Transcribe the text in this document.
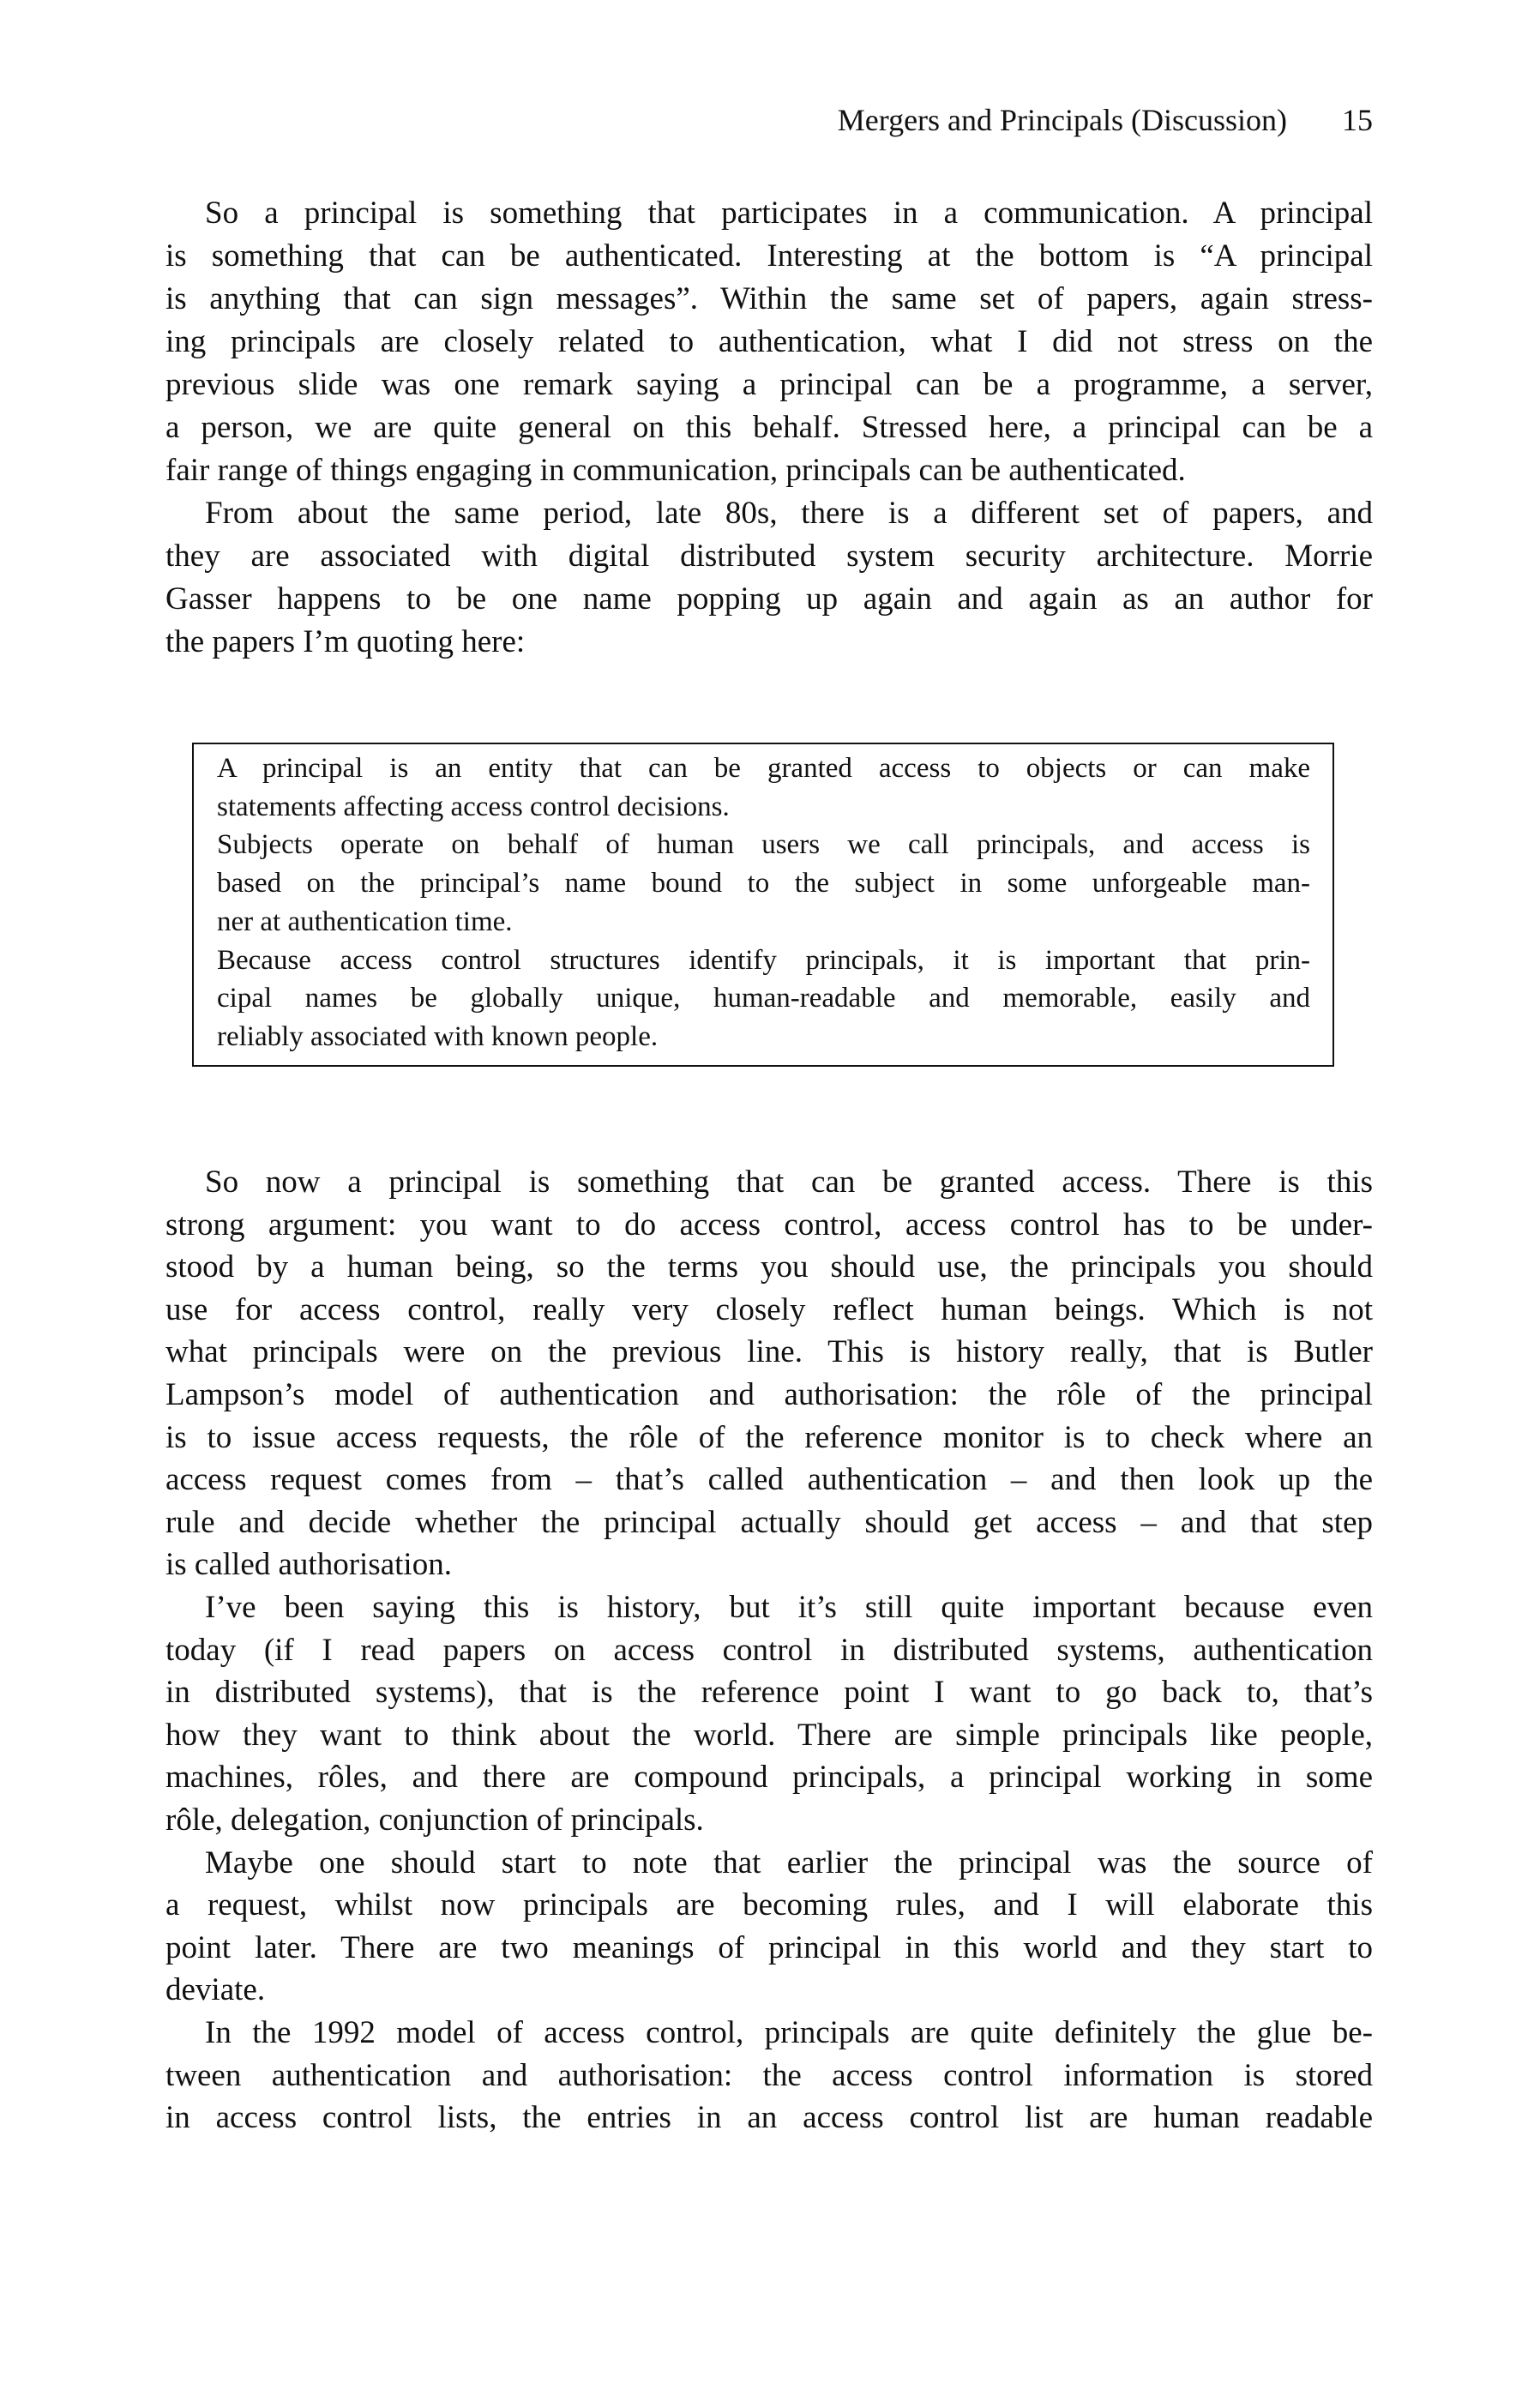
Mergers and Principals (Discussion) 15
So a principal is something that participates in a communication. A principal
is something that can be authenticated. Interesting at the bottom is “A principal
is anything that can sign messages”. Within the same set of papers, again stress-
ing principals are closely related to authentication, what I did not stress on the
previous slide was one remark saying a principal can be a programme, a server,
a person, we are quite general on this behalf. Stressed here, a principal can be a
fair range of things engaging in communication, principals can be authenticated.
From about the same period, late 80s, there is a different set of papers, and
they are associated with digital distributed system security architecture. Morrie
Gasser happens to be one name popping up again and again as an author for
the papers I’m quoting here:
A principal is an entity that can be granted access to objects or can make
statements affecting access control decisions.
Subjects operate on behalf of human users we call principals, and access is
based on the principal’s name bound to the subject in some unforgeable man-
ner at authentication time.
Because access control structures identify principals, it is important that prin-
cipal names be globally unique, human-readable and memorable, easily and
reliably associated with known people.
So now a principal is something that can be granted access. There is this
strong argument: you want to do access control, access control has to be under-
stood by a human being, so the terms you should use, the principals you should
use for access control, really very closely reflect human beings. Which is not
what principals were on the previous line. This is history really, that is Butler
Lampson’s model of authentication and authorisation: the rôle of the principal
is to issue access requests, the rôle of the reference monitor is to check where an
access request comes from – that’s called authentication – and then look up the
rule and decide whether the principal actually should get access – and that step
is called authorisation.
I’ve been saying this is history, but it’s still quite important because even
today (if I read papers on access control in distributed systems, authentication
in distributed systems), that is the reference point I want to go back to, that’s
how they want to think about the world. There are simple principals like people,
machines, rôles, and there are compound principals, a principal working in some
rôle, delegation, conjunction of principals.
Maybe one should start to note that earlier the principal was the source of
a request, whilst now principals are becoming rules, and I will elaborate this
point later. There are two meanings of principal in this world and they start to
deviate.
In the 1992 model of access control, principals are quite definitely the glue be-
tween authentication and authorisation: the access control information is stored
in access control lists, the entries in an access control list are human readable
